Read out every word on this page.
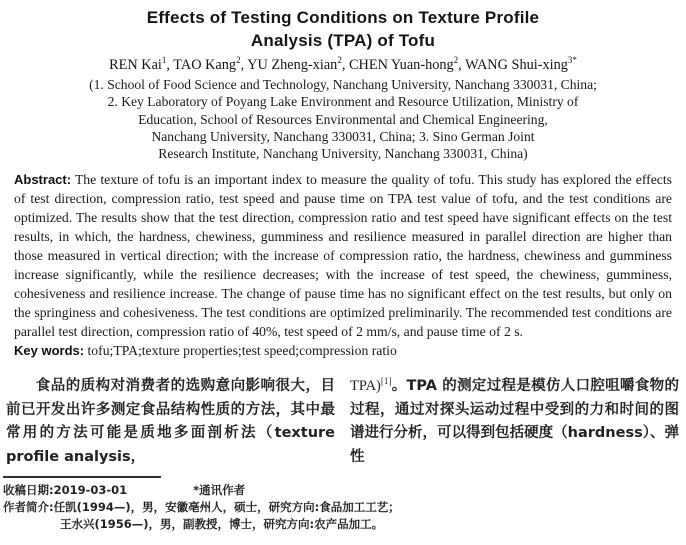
Effects of Testing Conditions on Texture Profile
Analysis (TPA) of Tofu
REN Kai$^1$, TAO Kang$^2$, YU Zheng-xian$^2$, CHEN Yuan-hong$^2$, WANG Shui-xing$^{3*}$
(1. School of Food Science and Technology, Nanchang University, Nanchang 330031, China;
2. Key Laboratory of Poyang Lake Environment and Resource Utilization, Ministry of
Education, School of Resources Environmental and Chemical Engineering,
Nanchang University, Nanchang 330031, China; 3. Sino German Joint
Research Institute, Nanchang University, Nanchang 330031, China)

Abstract: The texture of tofu is an important index to measure the quality of tofu. This study has explored the effects of test direction, compression ratio, test speed and pause time on TPA test value of tofu, and the test conditions are optimized. The results show that the test direction, compression ratio and test speed have significant effects on the test results, in which, the hardness, chewiness, gumminess and resilience measured in parallel direction are higher than those measured in vertical direction; with the increase of compression ratio, the hardness, chewiness and gumminess increase significantly, while the resilience decreases; with the increase of test speed, the chewiness, gumminess, cohesiveness and resilience increase. The change of pause time has no significant effect on the test results, but only on the springiness and cohesiveness. The test conditions are optimized preliminarily. The recommended test conditions are parallel test direction, compression ratio of 40%, test speed of 2 mm/s, and pause time of 2 s.

Key words: tofu;TPA;texture properties;test speed;compression ratio

食品的质构对消费者的选购意向影响很大，目前已开发出许多测定食品结构性质的方法，其中最常用的方法可能是质地多面剖析法（texture profile analysis，

TPA)[1]。TPA 的测定过程是模仿人口腔咀嚼食物的过程，通过对探头运动过程中受到的力和时间的图谱进行分析，可以得到包括硬度（hardness）、弹性

收稿日期:2019-03-01	*通讯作者
作者简介:任凯(1994—)，男，安徽亳州人，硕士，研究方向:食品加工工艺；
王水兴(1956—)，男，副教授，博士，研究方向:农产品加工。
